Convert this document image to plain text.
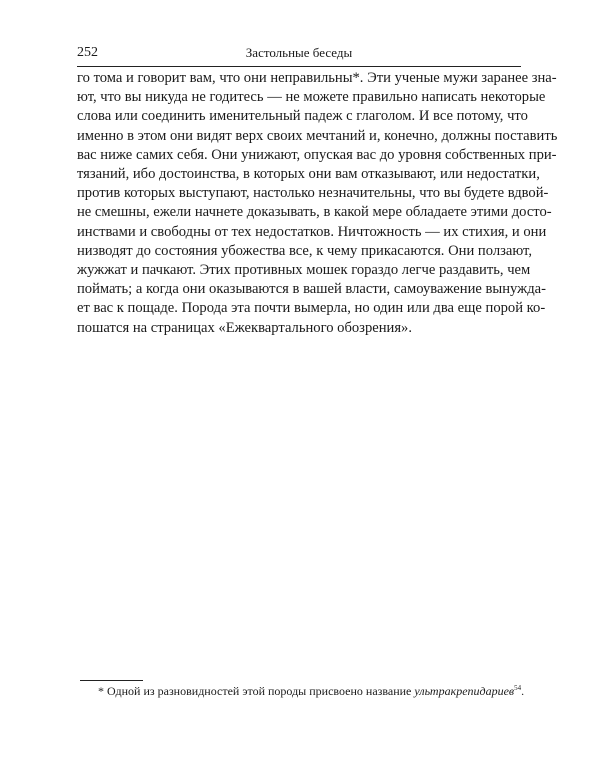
252	Застольные беседы
го тома и говорит вам, что они неправильны*. Эти ученые мужи заранее зна-
ют, что вы никуда не годитесь — не можете правильно написать некоторые
слова или соединить именительный падеж с глаголом. И все потому, что
именно в этом они видят верх своих мечтаний и, конечно, должны поставить
вас ниже самих себя. Они унижают, опуская вас до уровня собственных при-
тязаний, ибо достоинства, в которых они вам отказывают, или недостатки,
против которых выступают, настолько незначительны, что вы будете вдвой-
не смешны, ежели начнете доказывать, в какой мере обладаете этими досто-
инствами и свободны от тех недостатков. Ничтожность — их стихия, и они
низводят до состояния убожества все, к чему прикасаются. Они ползают,
жужжат и пачкают. Этих противных мошек гораздо легче раздавить, чем
поймать; а когда они оказываются в вашей власти, самоуважение вынужда-
ет вас к пощаде. Порода эта почти вымерла, но один или два еще порой ко-
пошатся на страницах «Ежеквартального обозрения».
* Одной из разновидностей этой породы присвоено название ультракрепидариев$^{54}$.
